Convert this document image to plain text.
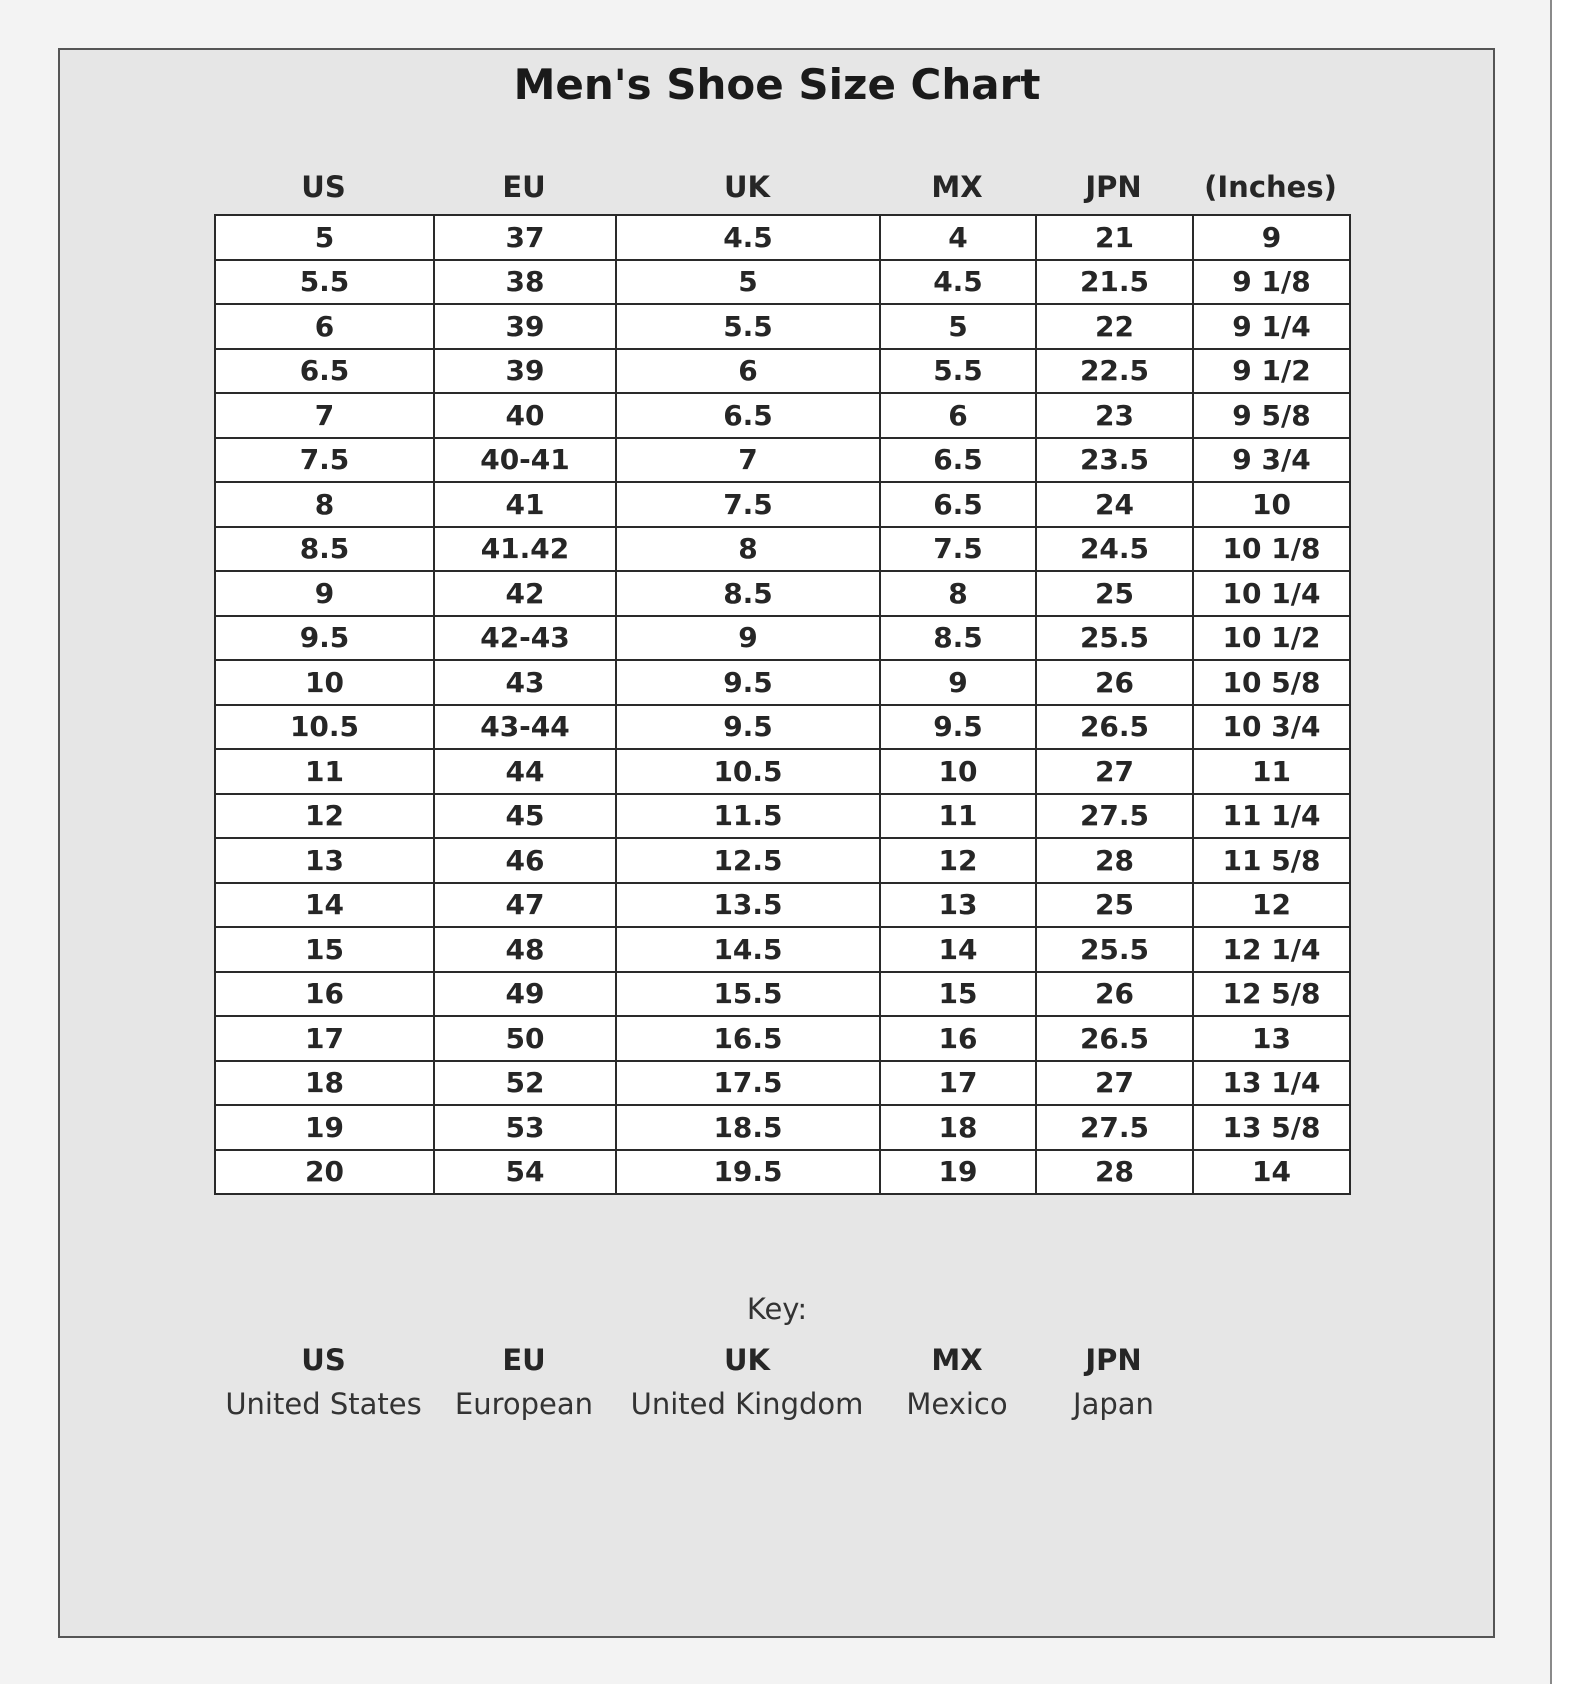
Men's Shoe Size Chart
US	EU	UK	MX	JPN	(Inches)
5	37	4.5	4	21	9
5.5	38	5	4.5	21.5	9 1/8
6	39	5.5	5	22	9 1/4
6.5	39	6	5.5	22.5	9 1/2
7	40	6.5	6	23	9 5/8
7.5	40-41	7	6.5	23.5	9 3/4
8	41	7.5	6.5	24	10
8.5	41.42	8	7.5	24.5	10 1/8
9	42	8.5	8	25	10 1/4
9.5	42-43	9	8.5	25.5	10 1/2
10	43	9.5	9	26	10 5/8
10.5	43-44	9.5	9.5	26.5	10 3/4
11	44	10.5	10	27	11
12	45	11.5	11	27.5	11 1/4
13	46	12.5	12	28	11 5/8
14	47	13.5	13	25	12
15	48	14.5	14	25.5	12 1/4
16	49	15.5	15	26	12 5/8
17	50	16.5	16	26.5	13
18	52	17.5	17	27	13 1/4
19	53	18.5	18	27.5	13 5/8
20	54	19.5	19	28	14
Key:
US
United States
EU
European
UK
United Kingdom
MX
Mexico
JPN
Japan
